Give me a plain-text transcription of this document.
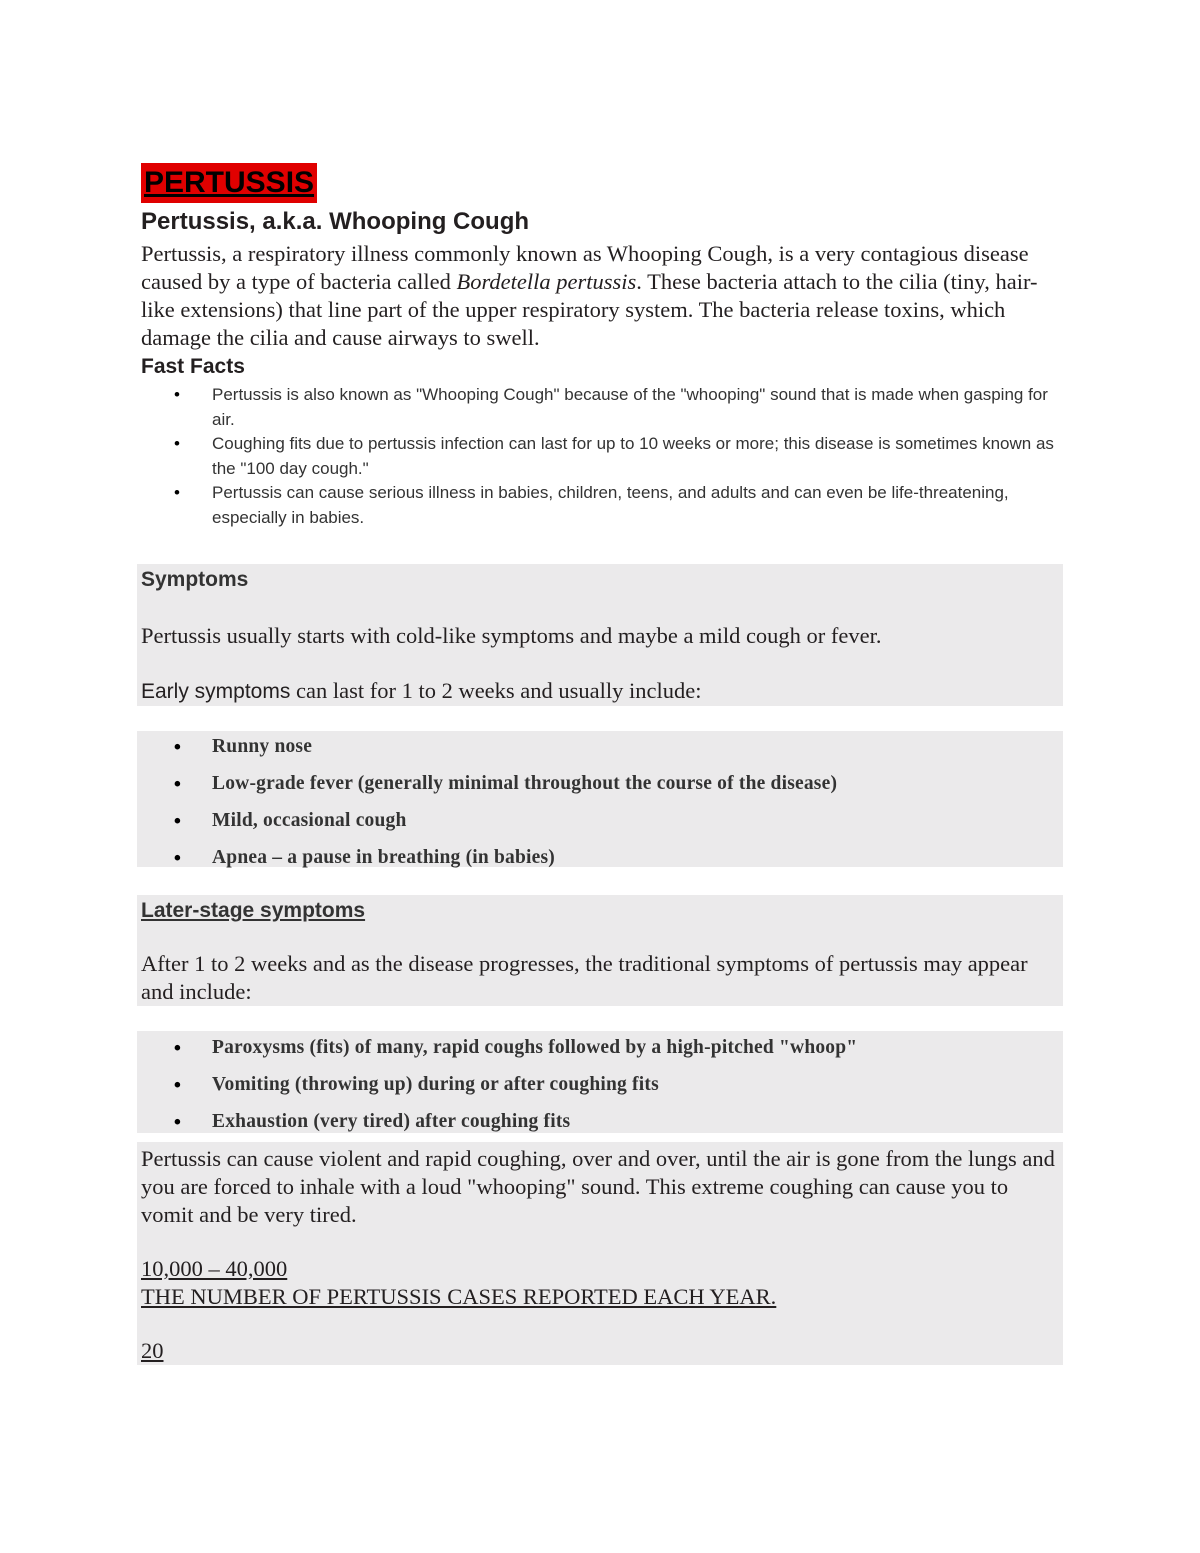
PERTUSSIS
Pertussis, a.k.a. Whooping Cough
Pertussis, a respiratory illness commonly known as Whooping Cough, is a very contagious disease caused by a type of bacteria called Bordetella pertussis. These bacteria attach to the cilia (tiny, hair-like extensions) that line part of the upper respiratory system. The bacteria release toxins, which damage the cilia and cause airways to swell.
Fast Facts
• Pertussis is also known as "Whooping Cough" because of the "whooping" sound that is made when gasping for air.
• Coughing fits due to pertussis infection can last for up to 10 weeks or more; this disease is sometimes known as the "100 day cough."
• Pertussis can cause serious illness in babies, children, teens, and adults and can even be life-threatening, especially in babies.
Symptoms
Pertussis usually starts with cold-like symptoms and maybe a mild cough or fever.
Early symptoms can last for 1 to 2 weeks and usually include:
• Runny nose
• Low-grade fever (generally minimal throughout the course of the disease)
• Mild, occasional cough
• Apnea – a pause in breathing (in babies)
Later-stage symptoms
After 1 to 2 weeks and as the disease progresses, the traditional symptoms of pertussis may appear and include:
• Paroxysms (fits) of many, rapid coughs followed by a high-pitched "whoop"
• Vomiting (throwing up) during or after coughing fits
• Exhaustion (very tired) after coughing fits
Pertussis can cause violent and rapid coughing, over and over, until the air is gone from the lungs and you are forced to inhale with a loud "whooping" sound. This extreme coughing can cause you to vomit and be very tired.
10,000 – 40,000
THE NUMBER OF PERTUSSIS CASES REPORTED EACH YEAR.
20
